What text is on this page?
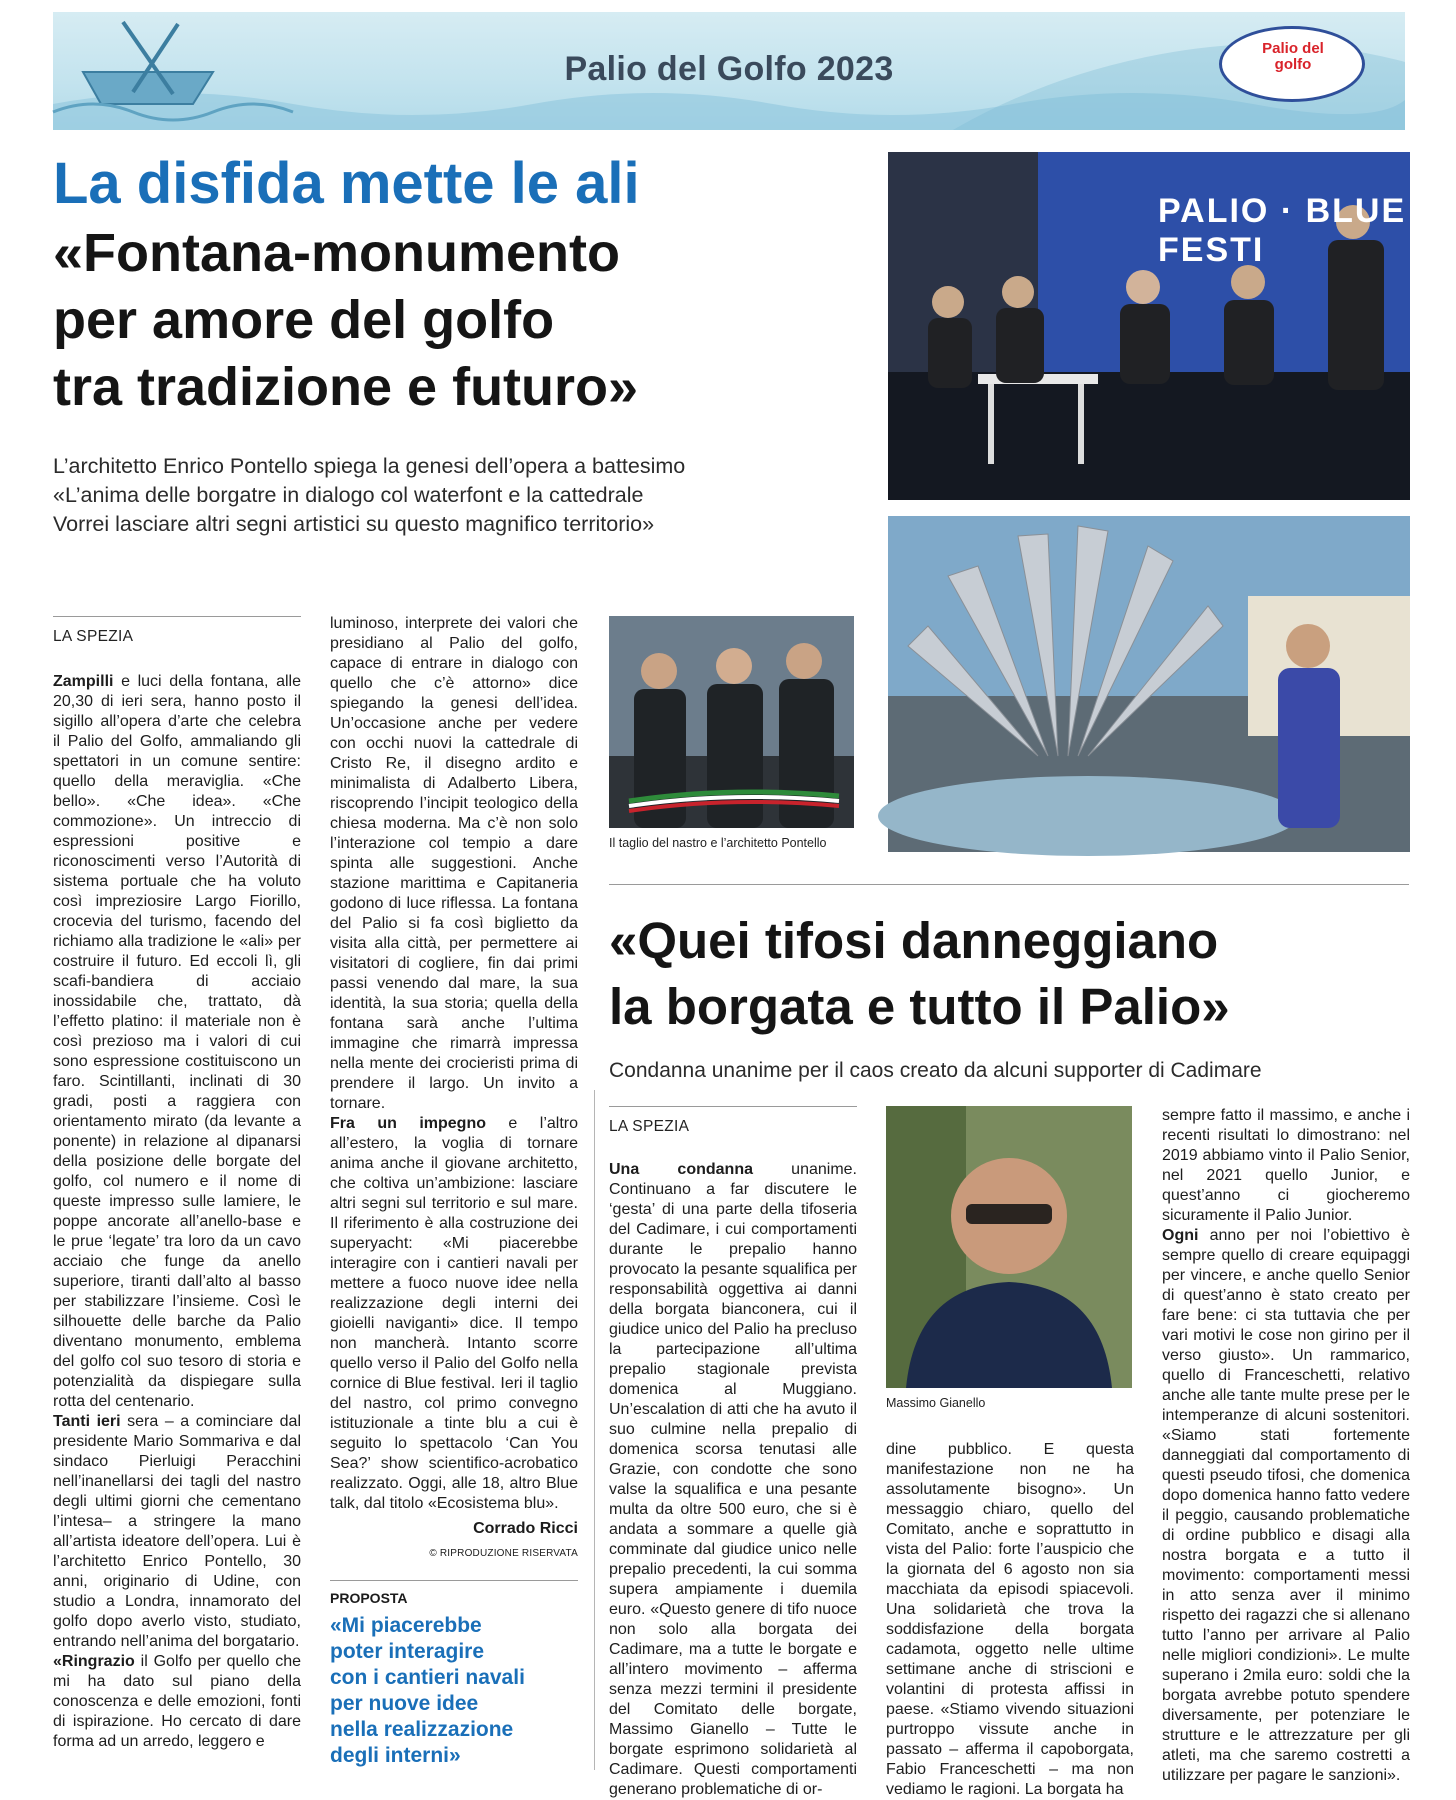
Palio del Golfo 2023
Palio del golfo
La disfida mette le ali
«Fontana-monumento
per amore del golfo
tra tradizione e futuro»
L’architetto Enrico Pontello spiega la genesi dell’opera a battesimo
«L’anima delle borgatre in dialogo col waterfont e la cattedrale
Vorrei lasciare altri segni artistici su questo magnifico territorio»
PALIO · BLUE FESTI
LA SPEZIA

Zampilli e luci della fontana, alle 20,30 di ieri sera, hanno posto il sigillo all’opera d’arte che celebra il Palio del Golfo, ammaliando gli spettatori in un comune sentire: quello della meraviglia. «Che bello». «Che idea». «Che commozione». Un intreccio di espressioni positive e riconoscimenti verso l’Autorità di sistema portuale che ha voluto così impreziosire Largo Fiorillo, crocevia del turismo, facendo del richiamo alla tradizione le «ali» per costruire il futuro. Ed eccoli lì, gli scafi-bandiera di acciaio inossidabile che, trattato, dà l’effetto platino: il materiale non è così prezioso ma i valori di cui sono espressione costituiscono un faro. Scintillanti, inclinati di 30 gradi, posti a raggiera con orientamento mirato (da levante a ponente) in relazione al dipanarsi della posizione delle borgate del golfo, col numero e il nome di queste impresso sulle lamiere, le poppe ancorate all’anello-base e le prue ‘legate’ tra loro da un cavo acciaio che funge da anello superiore, tiranti dall’alto al basso per stabilizzare l’insieme. Così le silhouette delle barche da Palio diventano monumento, emblema del golfo col suo tesoro di storia e potenzialità da dispiegare sulla rotta del centenario.

Tanti ieri sera – a cominciare dal presidente Mario Sommariva e dal sindaco Pierluigi Peracchini nell’inanellarsi dei tagli del nastro degli ultimi giorni che cementano l’intesa– a stringere la mano all’artista ideatore dell’opera. Lui è l’architetto Enrico Pontello, 30 anni, originario di Udine, con studio a Londra, innamorato del golfo dopo averlo visto, studiato, entrando nell’anima del borgatario.

«Ringrazio il Golfo per quello che mi ha dato sul piano della conoscenza e delle emozioni, fonti di ispirazione. Ho cercato di dare forma ad un arredo, leggero e

luminoso, interprete dei valori che presidiano al Palio del golfo, capace di entrare in dialogo con quello che c’è attorno» dice spiegando la genesi dell’idea. Un’occasione anche per vedere con occhi nuovi la cattedrale di Cristo Re, il disegno ardito e minimalista di Adalberto Libera, riscoprendo l’incipit teologico della chiesa moderna. Ma c’è non solo l’interazione col tempio a dare spinta alle suggestioni. Anche stazione marittima e Capitaneria godono di luce riflessa. La fontana del Palio si fa così biglietto da visita alla città, per permettere ai visitatori di cogliere, fin dai primi passi venendo dal mare, la sua identità, la sua storia; quella della fontana sarà anche l’ultima immagine che rimarrà impressa nella mente dei crocieristi prima di prendere il largo. Un invito a tornare.

Fra un impegno e l’altro all’estero, la voglia di tornare anima anche il giovane architetto, che coltiva un’ambizione: lasciare altri segni sul territorio e sul mare. Il riferimento è alla costruzione dei superyacht: «Mi piacerebbe interagire con i cantieri navali per mettere a fuoco nuove idee nella realizzazione degli interni dei gioielli naviganti» dice. Il tempo non mancherà. Intanto scorre quello verso il Palio del Golfo nella cornice di Blue festival. Ieri il taglio del nastro, col primo convegno istituzionale a tinte blu a cui è seguito lo spettacolo ‘Can You Sea?’ show scientifico-acrobatico realizzato. Oggi, alle 18, altro Blue talk, dal titolo «Ecosistema blu».

Corrado Ricci
© RIPRODUZIONE RISERVATA
PROPOSTA
«Mi piacerebbe
poter interagire
con i cantieri navali
per nuove idee
nella realizzazione
degli interni»
Il taglio del nastro e l’architetto Pontello
«Quei tifosi danneggiano
la borgata e tutto il Palio»
Condanna unanime per il caos creato da alcuni supporter di Cadimare
LA SPEZIA

Una condanna unanime. Continuano a far discutere le ‘gesta’ di una parte della tifoseria del Cadimare, i cui comportamenti durante le prepalio hanno provocato la pesante squalifica per responsabilità oggettiva ai danni della borgata bianconera, cui il giudice unico del Palio ha precluso la partecipazione all’ultima prepalio stagionale prevista domenica al Muggiano. Un’escalation di atti che ha avuto il suo culmine nella prepalio di domenica scorsa tenutasi alle Grazie, con condotte che sono valse la squalifica e una pesante multa da oltre 500 euro, che si è andata a sommare a quelle già comminate dal giudice unico nelle prepalio precedenti, la cui somma supera ampiamente i duemila euro. «Questo genere di tifo nuoce non solo alla borgata dei Cadimare, ma a tutte le borgate e all’intero movimento – afferma senza mezzi termini il presidente del Comitato delle borgate, Massimo Gianello – Tutte le borgate esprimono solidarietà al Cadimare. Questi comportamenti generano problematiche di or-

Massimo Gianello

dine pubblico. E questa manifestazione non ne ha assolutamente bisogno». Un messaggio chiaro, quello del Comitato, anche e soprattutto in vista del Palio: forte l’auspicio che la giornata del 6 agosto non sia macchiata da episodi spiacevoli. Una solidarietà che trova la soddisfazione della borgata cadamota, oggetto nelle ultime settimane anche di striscioni e volantini di protesta affissi in paese. «Stiamo vivendo situazioni purtroppo vissute anche in passato – afferma il capoborgata, Fabio Franceschetti – ma non vediamo le ragioni. La borgata ha

sempre fatto il massimo, e anche i recenti risultati lo dimostrano: nel 2019 abbiamo vinto il Palio Senior, nel 2021 quello Junior, e quest’anno ci giocheremo sicuramente il Palio Junior.

Ogni anno per noi l’obiettivo è sempre quello di creare equipaggi per vincere, e anche quello Senior di quest’anno è stato creato per fare bene: ci sta tuttavia che per vari motivi le cose non girino per il verso giusto». Un rammarico, quello di Franceschetti, relativo anche alle tante multe prese per le intemperanze di alcuni sostenitori. «Siamo stati fortemente danneggiati dal comportamento di questi pseudo tifosi, che domenica dopo domenica hanno fatto vedere il peggio, causando problematiche di ordine pubblico e disagi alla nostra borgata e a tutto il movimento: comportamenti messi in atto senza aver il minimo rispetto dei ragazzi che si allenano tutto l’anno per arrivare al Palio nelle migliori condizioni». Le multe superano i 2mila euro: soldi che la borgata avrebbe potuto spendere diversamente, per potenziare le strutture e le attrezzature per gli atleti, ma che saremo costretti a utilizzare per pagare le sanzioni».
